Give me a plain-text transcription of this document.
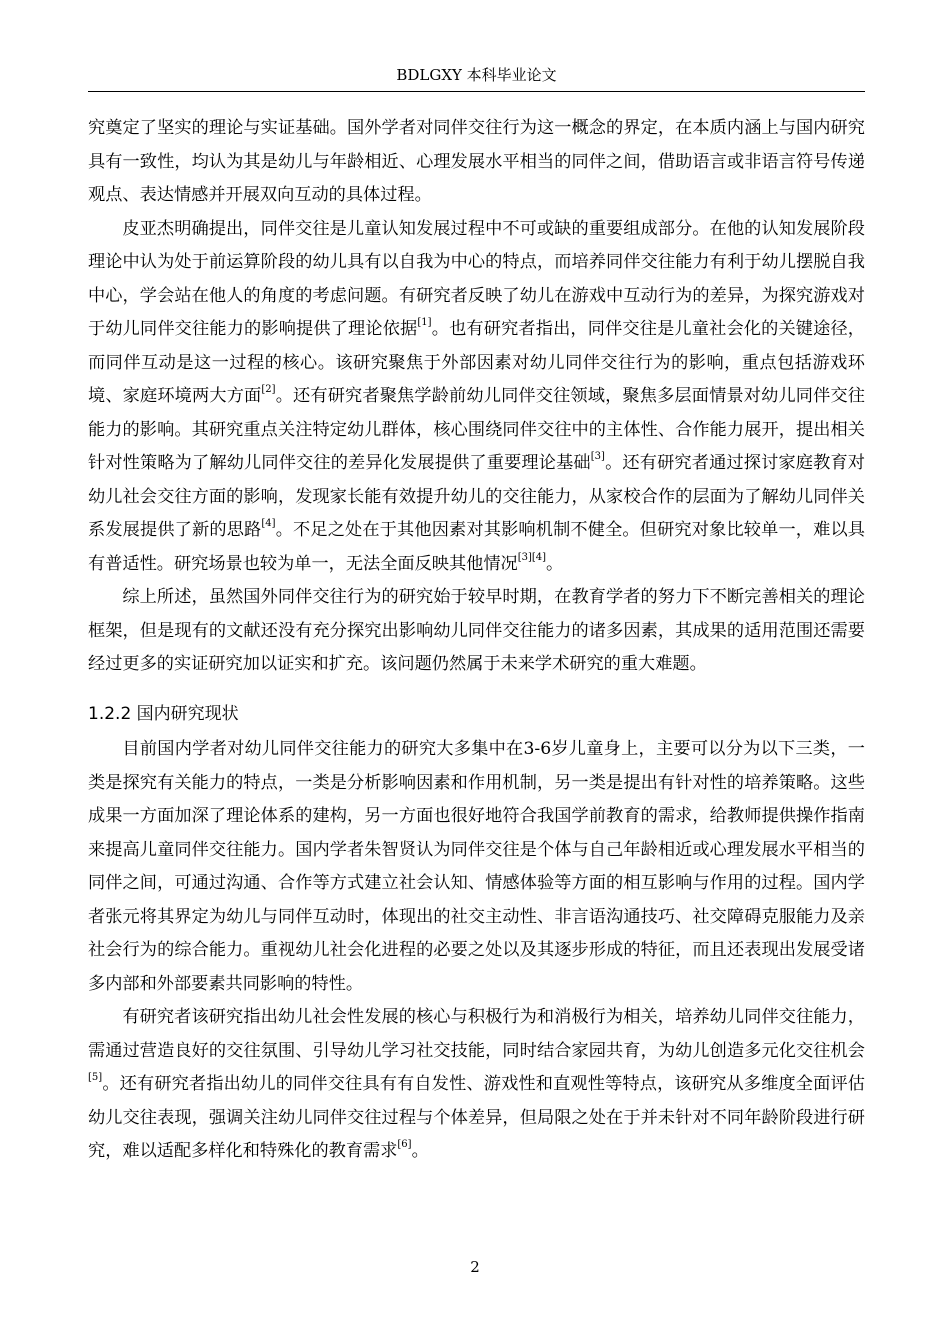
BDLGXY 本科毕业论文

究奠定了坚实的理论与实证基础。国外学者对同伴交往行为这一概念的界定，在本质内涵上与国内研究具有一致性，均认为其是幼儿与年龄相近、心理发展水平相当的同伴之间，借助语言或非语言符号传递观点、表达情感并开展双向互动的具体过程。

皮亚杰明确提出，同伴交往是儿童认知发展过程中不可或缺的重要组成部分。在他的认知发展阶段理论中认为处于前运算阶段的幼儿具有以自我为中心的特点，而培养同伴交往能力有利于幼儿摆脱自我中心，学会站在他人的角度的考虑问题。有研究者反映了幼儿在游戏中互动行为的差异，为探究游戏对于幼儿同伴交往能力的影响提供了理论依据[1]。也有研究者指出，同伴交往是儿童社会化的关键途径，而同伴互动是这一过程的核心。该研究聚焦于外部因素对幼儿同伴交往行为的影响，重点包括游戏环境、家庭环境两大方面[2]。还有研究者聚焦学龄前幼儿同伴交往领域，聚焦多层面情景对幼儿同伴交往能力的影响。其研究重点关注特定幼儿群体，核心围绕同伴交往中的主体性、合作能力展开，提出相关针对性策略为了解幼儿同伴交往的差异化发展提供了重要理论基础[3]。还有研究者通过探讨家庭教育对幼儿社会交往方面的影响，发现家长能有效提升幼儿的交往能力，从家校合作的层面为了解幼儿同伴关系发展提供了新的思路[4]。不足之处在于其他因素对其影响机制不健全。但研究对象比较单一，难以具有普适性。研究场景也较为单一，无法全面反映其他情况[3][4]。

综上所述，虽然国外同伴交往行为的研究始于较早时期，在教育学者的努力下不断完善相关的理论框架，但是现有的文献还没有充分探究出影响幼儿同伴交往能力的诸多因素，其成果的适用范围还需要经过更多的实证研究加以证实和扩充。该问题仍然属于未来学术研究的重大难题。

1.2.2 国内研究现状

目前国内学者对幼儿同伴交往能力的研究大多集中在3-6岁儿童身上，主要可以分为以下三类，一类是探究有关能力的特点，一类是分析影响因素和作用机制，另一类是提出有针对性的培养策略。这些成果一方面加深了理论体系的建构，另一方面也很好地符合我国学前教育的需求，给教师提供操作指南来提高儿童同伴交往能力。国内学者朱智贤认为同伴交往是个体与自己年龄相近或心理发展水平相当的同伴之间，可通过沟通、合作等方式建立社会认知、情感体验等方面的相互影响与作用的过程。国内学者张元将其界定为幼儿与同伴互动时，体现出的社交主动性、非言语沟通技巧、社交障碍克服能力及亲社会行为的综合能力。重视幼儿社会化进程的必要之处以及其逐步形成的特征，而且还表现出发展受诸多内部和外部要素共同影响的特性。

有研究者该研究指出幼儿社会性发展的核心与积极行为和消极行为相关，培养幼儿同伴交往能力，需通过营造良好的交往氛围、引导幼儿学习社交技能，同时结合家园共育，为幼儿创造多元化交往机会[5]。还有研究者指出幼儿的同伴交往具有有自发性、游戏性和直观性等特点，该研究从多维度全面评估幼儿交往表现，强调关注幼儿同伴交往过程与个体差异，但局限之处在于并未针对不同年龄阶段进行研究，难以适配多样化和特殊化的教育需求[6]。

2
